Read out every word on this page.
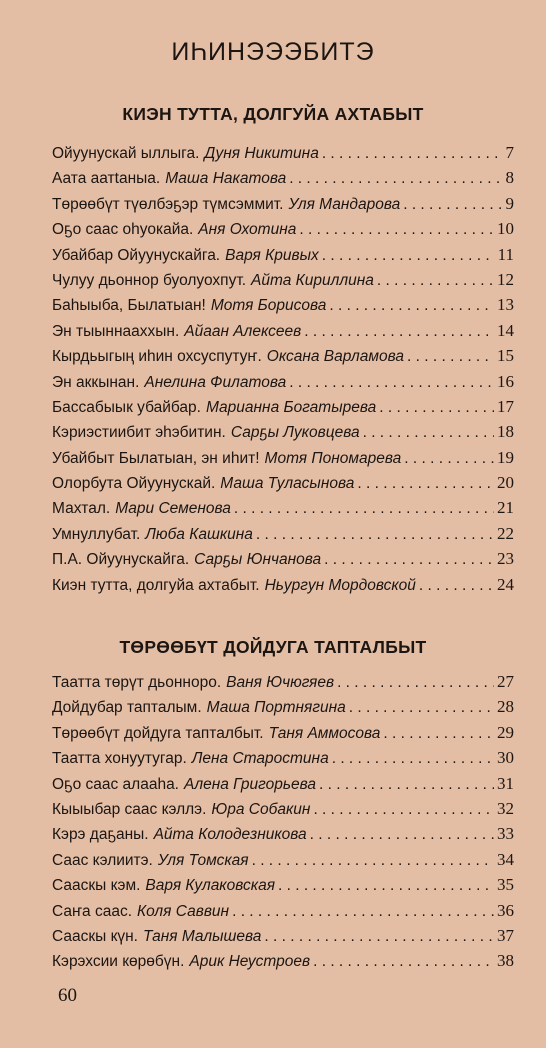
ИҺИНЭЭЭБИТЭ
КИЭН ТУТТА, ДОЛГУЙА АХТАБЫТ
Ойуунускай ыллыга. Дуня Никитина . . .	7
Аата аатtаныа. Маша Накатова . . .	8
Төрөөбүт түөлбэҕэр түмсэммит. Уля Мандарова . . .	9
Оҕо саас оһуокайа. Аня Охотина . . .	10
Убайбар Ойуунускайга. Варя Кривых . . .	11
Чулуу дьоннор буолуохпут. Айта Кириллина . . .	12
Баһыыба, Былатыан! Мотя Борисова . . .	13
Эн тыыннааххын. Айаан Алексеев . . .	14
Кырдьыгың иһин охсуспутуҥ. Оксана Варламова . . .	15
Эн аккынан. Анелина Филатова . . .	16
Бассабыык убайбар. Марианна Богатырева . . .	17
Кэриэстиибит эһэбитин. Сарҕы Луковцева . . .	18
Убайбыт Былатыан, эн иһит! Мотя Пономарева . . .	19
Олорбута Ойуунускай. Маша Туласынова . . .	20
Махтал. Мари Семенова . . .	21
Умнуллубат. Люба Кашкина . . .	22
П.А. Ойуунускайга. Сарҕы Юнчанова . . .	23
Киэн тутта, долгуйа ахтабыт. Ньургун Мордовской . . .	24
ТӨРӨӨБҮТ ДОЙДУГА ТАПТАЛБЫТ
Таатта төрүт дьонноро. Ваня Ючюгяев . . .	27
Дойдубар тапталым. Маша Портнягина . . .	28
Төрөөбүт дойдуга тапталбыт. Таня Аммосова . . .	29
Таатта хонуутугар. Лена Старостина . . .	30
Оҕо саас алааһа. Алена Григорьева . . .	31
Кыыыбар саас кэллэ. Юра Собакин . . .	32
Кэрэ даҕаны. Айта Колодезникова . . .	33
Саас кэлиитэ. Уля Томская . . .	34
Сааскы кэм. Варя Кулаковская . . .	35
Саҥа саас. Коля Саввин . . .	36
Сааскы күн. Таня Малышева . . .	37
Кэрэхсии көрөбүн. Арик Неустроев . . .	38
60
